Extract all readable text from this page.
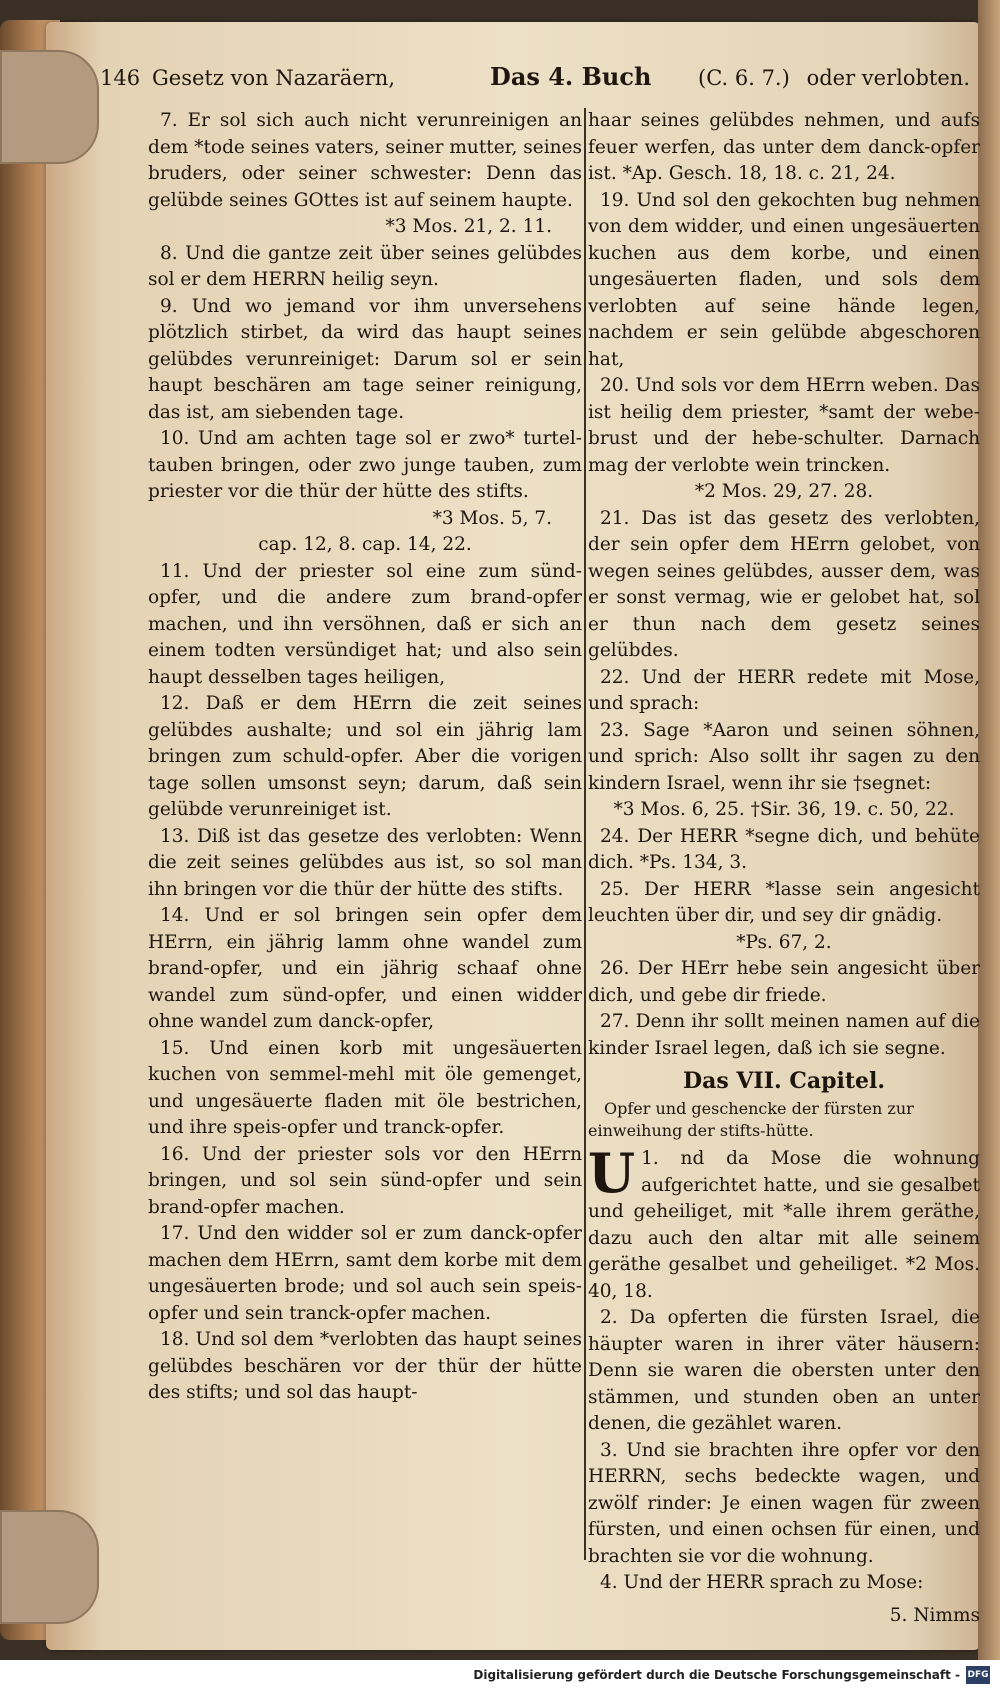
146 Gesetz von Nazaräern,	Das 4. Buch (C. 6. 7.) oder verlobten.

7. Er sol sich auch nicht verunreinigen an dem *tode seines vaters, seiner mutter, seines bruders, oder seiner schwester: Denn das gelübde seines GOttes ist auf seinem haupte.

*3 Mos. 21, 2. 11.

8. Und die gantze zeit über seines gelübdes sol er dem HERRN heilig seyn.

9. Und wo jemand vor ihm unversehens plötzlich stirbet, da wird das haupt seines gelübdes verunreiniget: Darum sol er sein haupt beschären am tage seiner reinigung, das ist, am siebenden tage.

10. Und am achten tage sol er zwo* turtel-tauben bringen, oder zwo junge tauben, zum priester vor die thür der hütte des stifts.

*3 Mos. 5, 7.

cap. 12, 8. cap. 14, 22.

11. Und der priester sol eine zum sünd-opfer, und die andere zum brand-opfer machen, und ihn versöhnen, daß er sich an einem todten versündiget hat; und also sein haupt desselben tages heiligen,

12. Daß er dem HErrn die zeit seines gelübdes aushalte; und sol ein jährig lam bringen zum schuld-opfer. Aber die vorigen tage sollen umsonst seyn; darum, daß sein gelübde verunreiniget ist.

13. Diß ist das gesetze des verlobten: Wenn die zeit seines gelübdes aus ist, so sol man ihn bringen vor die thür der hütte des stifts.

14. Und er sol bringen sein opfer dem HErrn, ein jährig lamm ohne wandel zum brand-opfer, und ein jährig schaaf ohne wandel zum sünd-opfer, und einen widder ohne wandel zum danck-opfer,

15. Und einen korb mit ungesäuerten kuchen von semmel-mehl mit öle gemenget, und ungesäuerte fladen mit öle bestrichen, und ihre speis-opfer und tranck-opfer.

16. Und der priester sols vor den HErrn bringen, und sol sein sünd-opfer und sein brand-opfer machen.

17. Und den widder sol er zum danck-opfer machen dem HErrn, samt dem korbe mit dem ungesäuerten brode; und sol auch sein speis-opfer und sein tranck-opfer machen.

18. Und sol dem *verlobten das haupt seines gelübdes beschären vor der thür der hütte des stifts; und sol das haupt-

haar seines gelübdes nehmen, und aufs feuer werfen, das unter dem danck-opfer ist. *Ap. Gesch. 18, 18. c. 21, 24.

19. Und sol den gekochten bug nehmen von dem widder, und einen ungesäuerten kuchen aus dem korbe, und einen ungesäuerten fladen, und sols dem verlobten auf seine hände legen, nachdem er sein gelübde abgeschoren hat,

20. Und sols vor dem HErrn weben. Das ist heilig dem priester, *samt der webe-brust und der hebe-schulter. Darnach mag der verlobte wein trincken.

*2 Mos. 29, 27. 28.

21. Das ist das gesetz des verlobten, der sein opfer dem HErrn gelobet, von wegen seines gelübdes, ausser dem, was er sonst vermag, wie er gelobet hat, sol er thun nach dem gesetz seines gelübdes.

22. Und der HERR redete mit Mose, und sprach:

23. Sage *Aaron und seinen söhnen, und sprich: Also sollt ihr sagen zu den kindern Israel, wenn ihr sie †segnet:

*3 Mos. 6, 25. †Sir. 36, 19. c. 50, 22.

24. Der HERR *segne dich, und behüte dich. *Ps. 134, 3.

25. Der HERR *lasse sein angesicht leuchten über dir, und sey dir gnädig.

*Ps. 67, 2.

26. Der HErr hebe sein angesicht über dich, und gebe dir friede.

27. Denn ihr sollt meinen namen auf die kinder Israel legen, daß ich sie segne.

Das VII. Capitel.
Opfer und geschencke der fürsten zur einweihung der stifts-hütte.

U 1. nd da Mose die wohnung aufgerichtet hatte, und sie gesalbet und geheiliget, mit *alle ihrem geräthe, dazu auch den altar mit alle seinem geräthe gesalbet und geheiliget. *2 Mos. 40, 18.

2. Da opferten die fürsten Israel, die häupter waren in ihrer väter häusern: Denn sie waren die obersten unter den stämmen, und stunden oben an unter denen, die gezählet waren.

3. Und sie brachten ihre opfer vor den HERRN, sechs bedeckte wagen, und zwölf rinder: Je einen wagen für zween fürsten, und einen ochsen für einen, und brachten sie vor die wohnung.

4. Und der HERR sprach zu Mose:

5. Nimms
Digitalisierung gefördert durch die Deutsche Forschungsgemeinschaft - DFG
